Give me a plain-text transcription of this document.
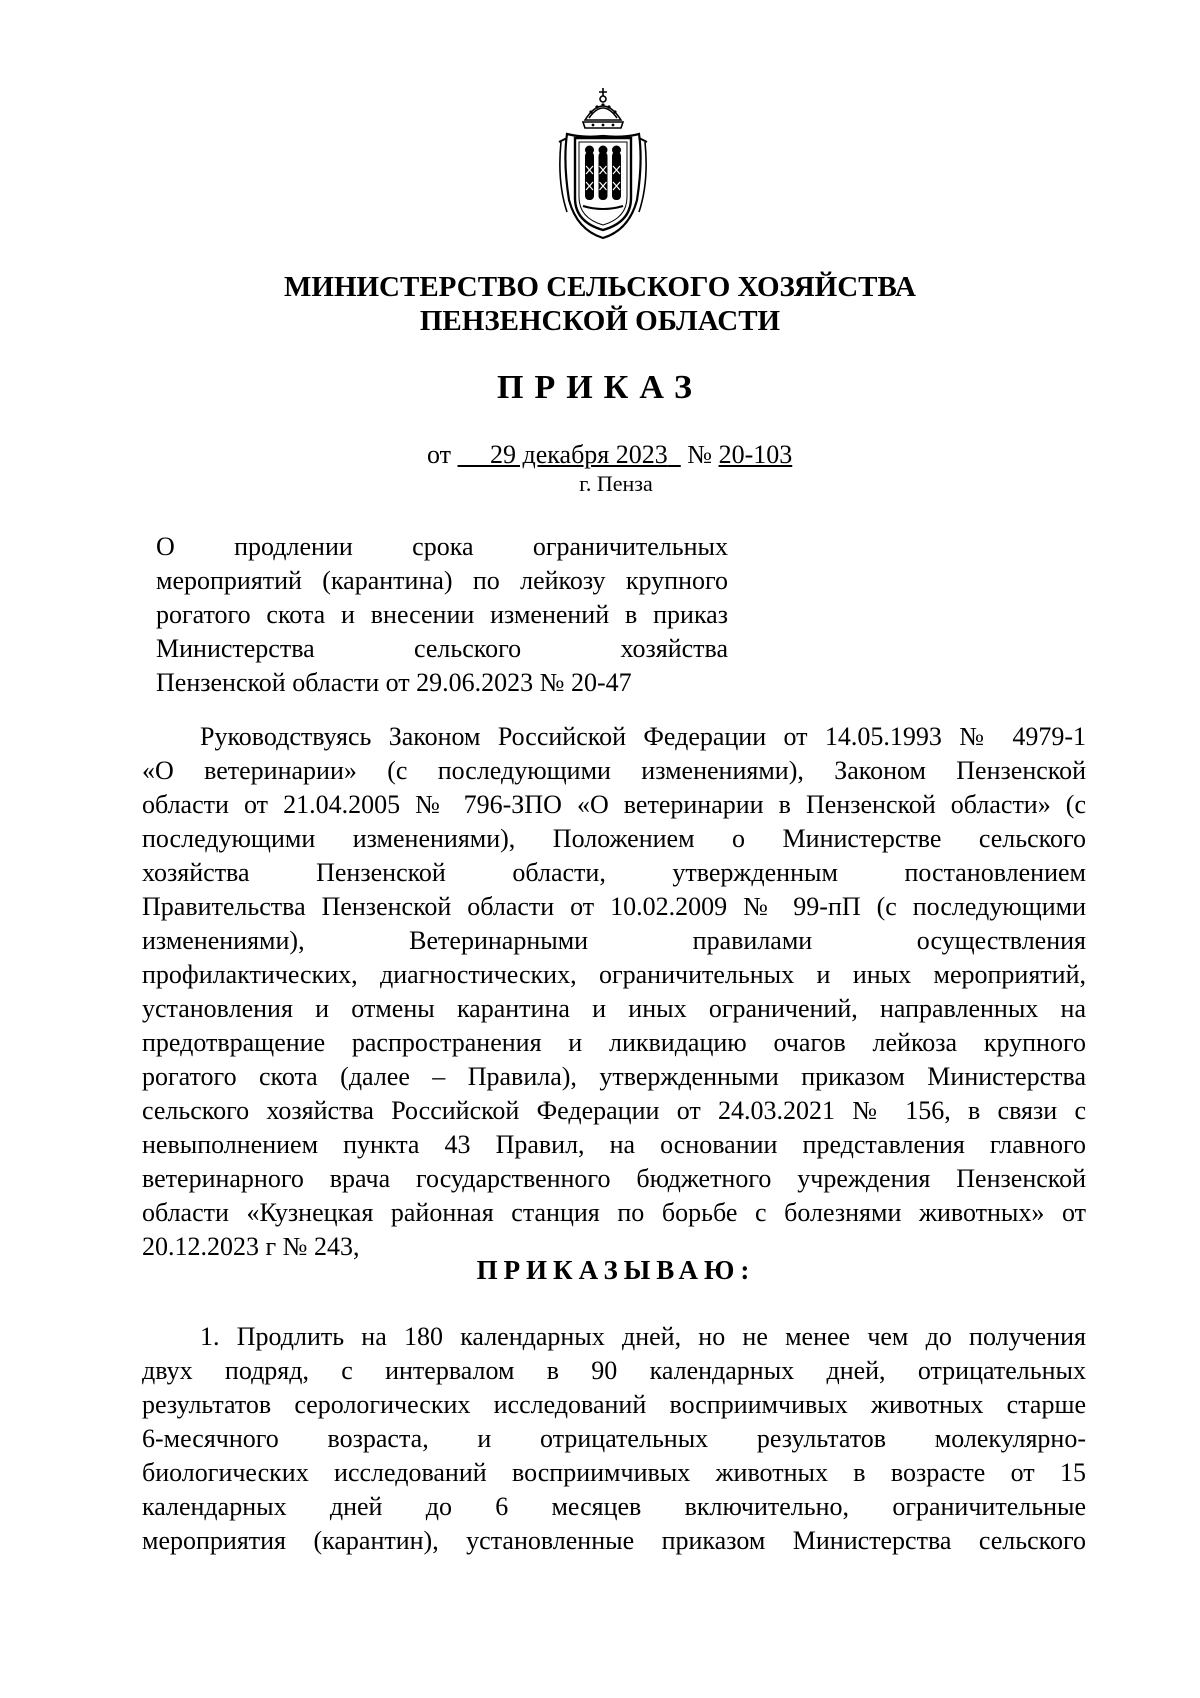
МИНИСТЕРСТВО СЕЛЬСКОГО ХОЗЯЙСТВА
ПЕНЗЕНСКОЙ ОБЛАСТИ
ПРИКАЗ
от 29 декабря 2023 № 20-103
г. Пенза
О продлении срока ограничительных
мероприятий (карантина) по лейкозу крупного
рогатого скота и внесении изменений в приказ
Министерства сельского хозяйства
Пензенской области от 29.06.2023 № 20-47
Руководствуясь Законом Российской Федерации от 14.05.1993 № 4979-1
«О ветеринарии» (с последующими изменениями), Законом Пензенской
области от 21.04.2005 № 796-ЗПО «О ветеринарии в Пензенской области» (с
последующими изменениями), Положением о Министерстве сельского
хозяйства Пензенской области, утвержденным постановлением
Правительства Пензенской области от 10.02.2009 № 99-пП (с последующими
изменениями), Ветеринарными правилами осуществления
профилактических, диагностических, ограничительных и иных мероприятий,
установления и отмены карантина и иных ограничений, направленных на
предотвращение распространения и ликвидацию очагов лейкоза крупного
рогатого скота (далее – Правила), утвержденными приказом Министерства
сельского хозяйства Российской Федерации от 24.03.2021 № 156, в связи с
невыполнением пункта 43 Правил, на основании представления главного
ветеринарного врача государственного бюджетного учреждения Пензенской
области «Кузнецкая районная станция по борьбе с болезнями животных» от
20.12.2023 г № 243,
ПРИКАЗЫВАЮ:
1. Продлить на 180 календарных дней, но не менее чем до получения
двух подряд, с интервалом в 90 календарных дней, отрицательных
результатов серологических исследований восприимчивых животных старше
6-месячного возраста, и отрицательных результатов молекулярно-
биологических исследований восприимчивых животных в возрасте от 15
календарных дней до 6 месяцев включительно, ограничительные
мероприятия (карантин), установленные приказом Министерства сельского
